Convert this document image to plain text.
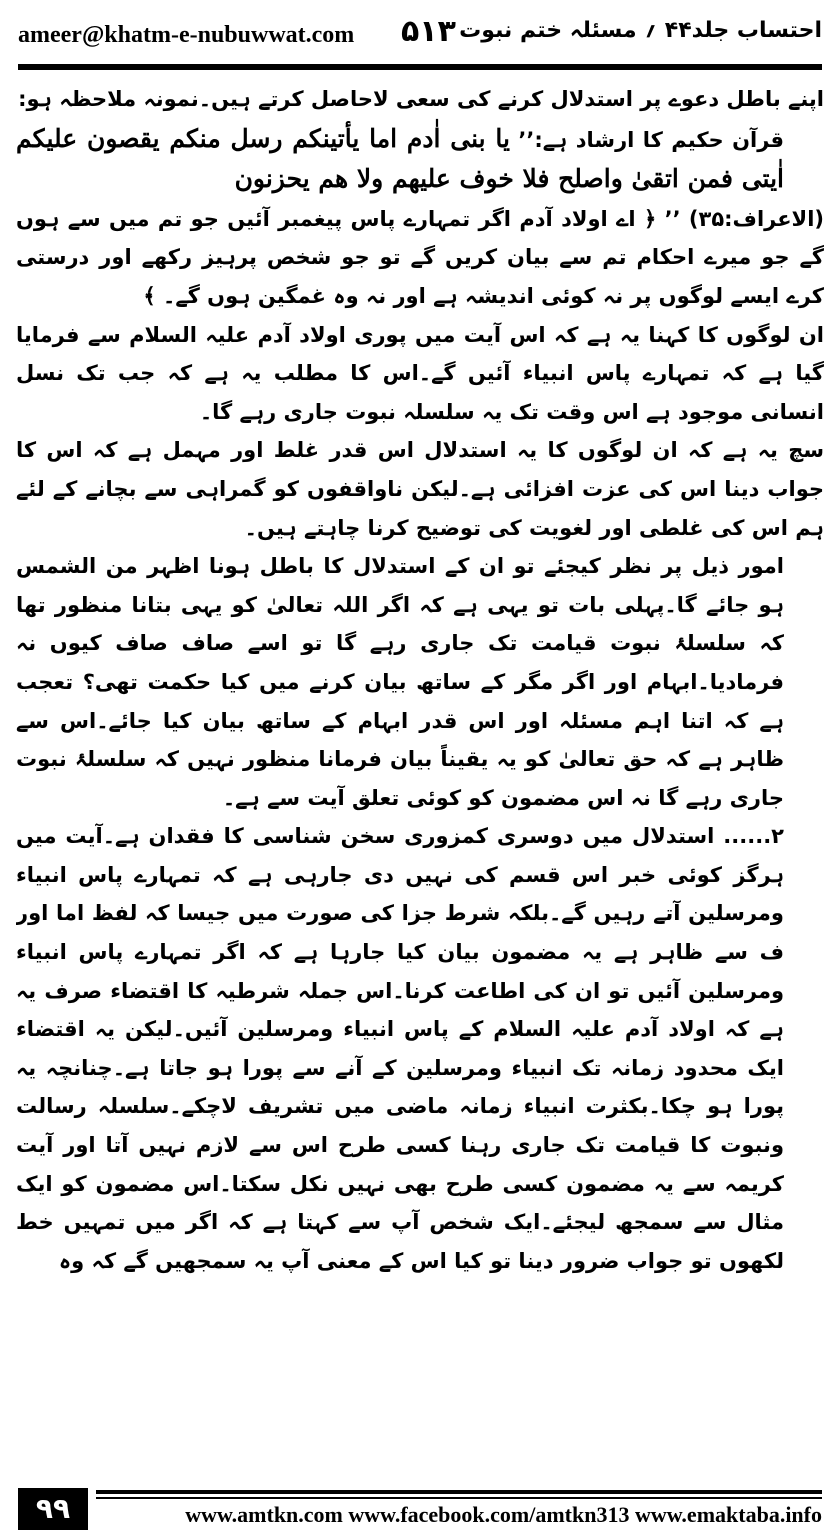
ameer@khatm-e-nubuwwat.com ۵۱۳ احتساب جلد۴۴ ؍ مسئلہ ختم نبوت

اپنے باطل دعوے پر استدلال کرنے کی سعی لاحاصل کرتے ہیں۔نمونہ ملاحظہ ہو:

قرآن حکیم کا ارشاد ہے:’’ یا بنی اٰدم اما یأتینکم رسل منکم یقصون علیکم اٰیتی فمن اتقیٰ واصلح فلا خوف علیھم ولا ھم یحزنون

(الاعراف:۳۵) ’’ ﴿ اے اولاد آدم اگر تمہارے پاس پیغمبر آئیں جو تم میں سے ہوں گے جو میرے احکام تم سے بیان کریں گے تو جو شخص پرہیز رکھے اور درستی کرے ایسے لوگوں پر نہ کوئی اندیشہ ہے اور نہ وہ غمگین ہوں گے۔ ﴾

ان لوگوں کا کہنا یہ ہے کہ اس آیت میں پوری اولاد آدم علیہ السلام سے فرمایا گیا ہے کہ تمہارے پاس انبیاء آئیں گے۔اس کا مطلب یہ ہے کہ جب تک نسل انسانی موجود ہے اس وقت تک یہ سلسلہ نبوت جاری رہے گا۔

سچ یہ ہے کہ ان لوگوں کا یہ استدلال اس قدر غلط اور مہمل ہے کہ اس کا جواب دینا اس کی عزت افزائی ہے۔لیکن ناواقفوں کو گمراہی سے بچانے کے لئے ہم اس کی غلطی اور لغویت کی توضیح کرنا چاہتے ہیں۔

امور ذیل پر نظر کیجئے تو ان کے استدلال کا باطل ہونا اظہر من الشمس ہو جائے گا۔پہلی بات تو یہی ہے کہ اگر اللہ تعالیٰ کو یہی بتانا منظور تھا کہ سلسلۂ نبوت قیامت تک جاری رہے گا تو اسے صاف صاف کیوں نہ فرمادیا۔ابہام اور اگر مگر کے ساتھ بیان کرنے میں کیا حکمت تھی؟ تعجب ہے کہ اتنا اہم مسئلہ اور اس قدر ابہام کے ساتھ بیان کیا جائے۔اس سے ظاہر ہے کہ حق تعالیٰ کو یہ یقیناً بیان فرمانا منظور نہیں کہ سلسلۂ نبوت جاری رہے گا نہ اس مضمون کو کوئی تعلق آیت سے ہے۔

۲...... استدلال میں دوسری کمزوری سخن شناسی کا فقدان ہے۔آیت میں ہرگز کوئی خبر اس قسم کی نہیں دی جارہی ہے کہ تمہارے پاس انبیاء ومرسلین آتے رہیں گے۔بلکہ شرط جزا کی صورت میں جیسا کہ لفظ اما اور ف سے ظاہر ہے یہ مضمون بیان کیا جارہا ہے کہ اگر تمہارے پاس انبیاء ومرسلین آئیں تو ان کی اطاعت کرنا۔اس جملہ شرطیہ کا اقتضاء صرف یہ ہے کہ اولاد آدم علیہ السلام کے پاس انبیاء ومرسلین آئیں۔لیکن یہ اقتضاء ایک محدود زمانہ تک انبیاء ومرسلین کے آنے سے پورا ہو جاتا ہے۔چنانچہ یہ پورا ہو چکا۔بکثرت انبیاء زمانہ ماضی میں تشریف لاچکے۔سلسلہ رسالت ونبوت کا قیامت تک جاری رہنا کسی طرح اس سے لازم نہیں آتا اور آیت کریمہ سے یہ مضمون کسی طرح بھی نہیں نکل سکتا۔اس مضمون کو ایک مثال سے سمجھ لیجئے۔ایک شخص آپ سے کہتا ہے کہ اگر میں تمہیں خط لکھوں تو جواب ضرور دینا تو کیا اس کے معنی آپ یہ سمجھیں گے کہ وہ

۹۹	www.amtkn.com www.facebook.com/amtkn313 www.emaktaba.info
